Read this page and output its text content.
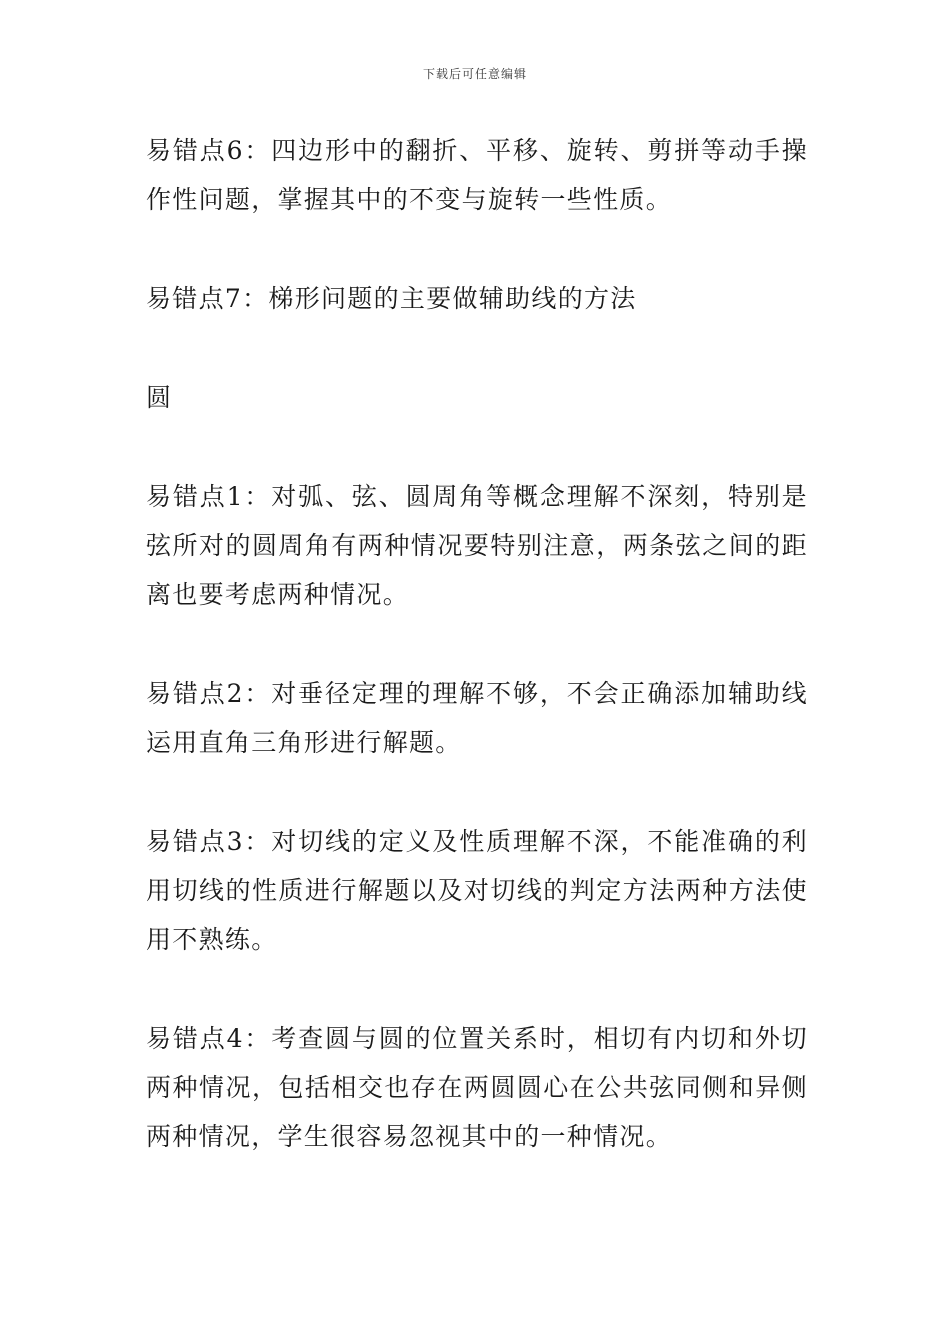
下载后可任意编辑

易错点6：四边形中的翻折、平移、旋转、剪拼等动手操作性问题，掌握其中的不变与旋转一些性质。

易错点7：梯形问题的主要做辅助线的方法

圆

易错点1：对弧、弦、圆周角等概念理解不深刻，特别是弦所对的圆周角有两种情况要特别注意，两条弦之间的距离也要考虑两种情况。

易错点2：对垂径定理的理解不够，不会正确添加辅助线运用直角三角形进行解题。

易错点3：对切线的定义及性质理解不深，不能准确的利用切线的性质进行解题以及对切线的判定方法两种方法使用不熟练。

易错点4：考查圆与圆的位置关系时，相切有内切和外切两种情况，包括相交也存在两圆圆心在公共弦同侧和异侧两种情况，学生很容易忽视其中的一种情况。
